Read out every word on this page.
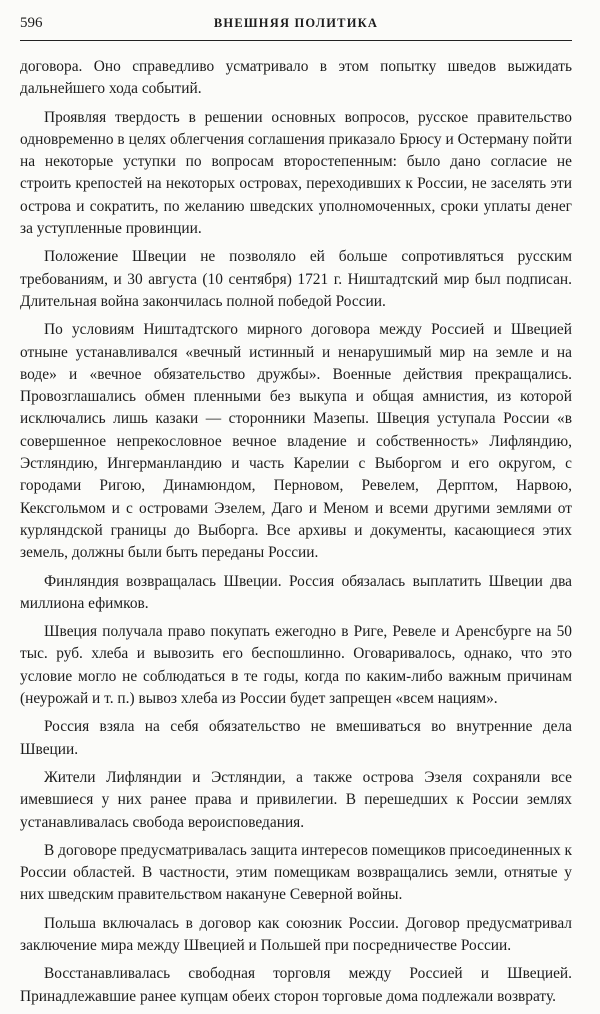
596	ВНЕШНЯЯ ПОЛИТИКА

договора. Оно справедливо усматривало в этом попытку шведов выжидать дальнейшего хода событий.

Проявляя твердость в решении основных вопросов, русское правительство одновременно в целях облегчения соглашения приказало Брюсу и Остерману пойти на некоторые уступки по вопросам второстепенным: было дано согласие не строить крепостей на некоторых островах, переходивших к России, не заселять эти острова и сократить, по желанию шведских уполномоченных, сроки уплаты денег за уступленные провинции.

Положение Швеции не позволяло ей больше сопротивляться русским требованиям, и 30 августа (10 сентября) 1721 г. Ништадтский мир был подписан. Длительная война закончилась полной победой России.

По условиям Ништадтского мирного договора между Россией и Швецией отныне устанавливался «вечный истинный и ненарушимый мир на земле и на воде» и «вечное обязательство дружбы». Военные действия прекращались. Провозглашались обмен пленными без выкупа и общая амнистия, из которой исключались лишь казаки — сторонники Мазепы. Швеция уступала России «в совершенное непрекословное вечное владение и собственность» Лифляндию, Эстляндию, Ингерманландию и часть Карелии с Выборгом и его округом, с городами Ригою, Динамюндом, Перновом, Ревелем, Дерптом, Нарвою, Кексгольмом и с островами Эзелем, Даго и Меном и всеми другими землями от курляндской границы до Выборга. Все архивы и документы, касающиеся этих земель, должны были быть переданы России.

Финляндия возвращалась Швеции. Россия обязалась выплатить Швеции два миллиона ефимков.

Швеция получала право покупать ежегодно в Риге, Ревеле и Аренсбурге на 50 тыс. руб. хлеба и вывозить его беспошлинно. Оговаривалось, однако, что это условие могло не соблюдаться в те годы, когда по каким-либо важным причинам (неурожай и т. п.) вывоз хлеба из России будет запрещен «всем нациям».

Россия взяла на себя обязательство не вмешиваться во внутренние дела Швеции.

Жители Лифляндии и Эстляндии, а также острова Эзеля сохраняли все имевшиеся у них ранее права и привилегии. В перешедших к России землях устанавливалась свобода вероисповедания.

В договоре предусматривалась защита интересов помещиков присоединенных к России областей. В частности, этим помещикам возвращались земли, отнятые у них шведским правительством накануне Северной войны.

Польша включалась в договор как союзник России. Договор предусматривал заключение мира между Швецией и Польшей при посредничестве России.

Восстанавливалась свободная торговля между Россией и Швецией. Принадлежавшие ранее купцам обеих сторон торговые дома подлежали возврату.
